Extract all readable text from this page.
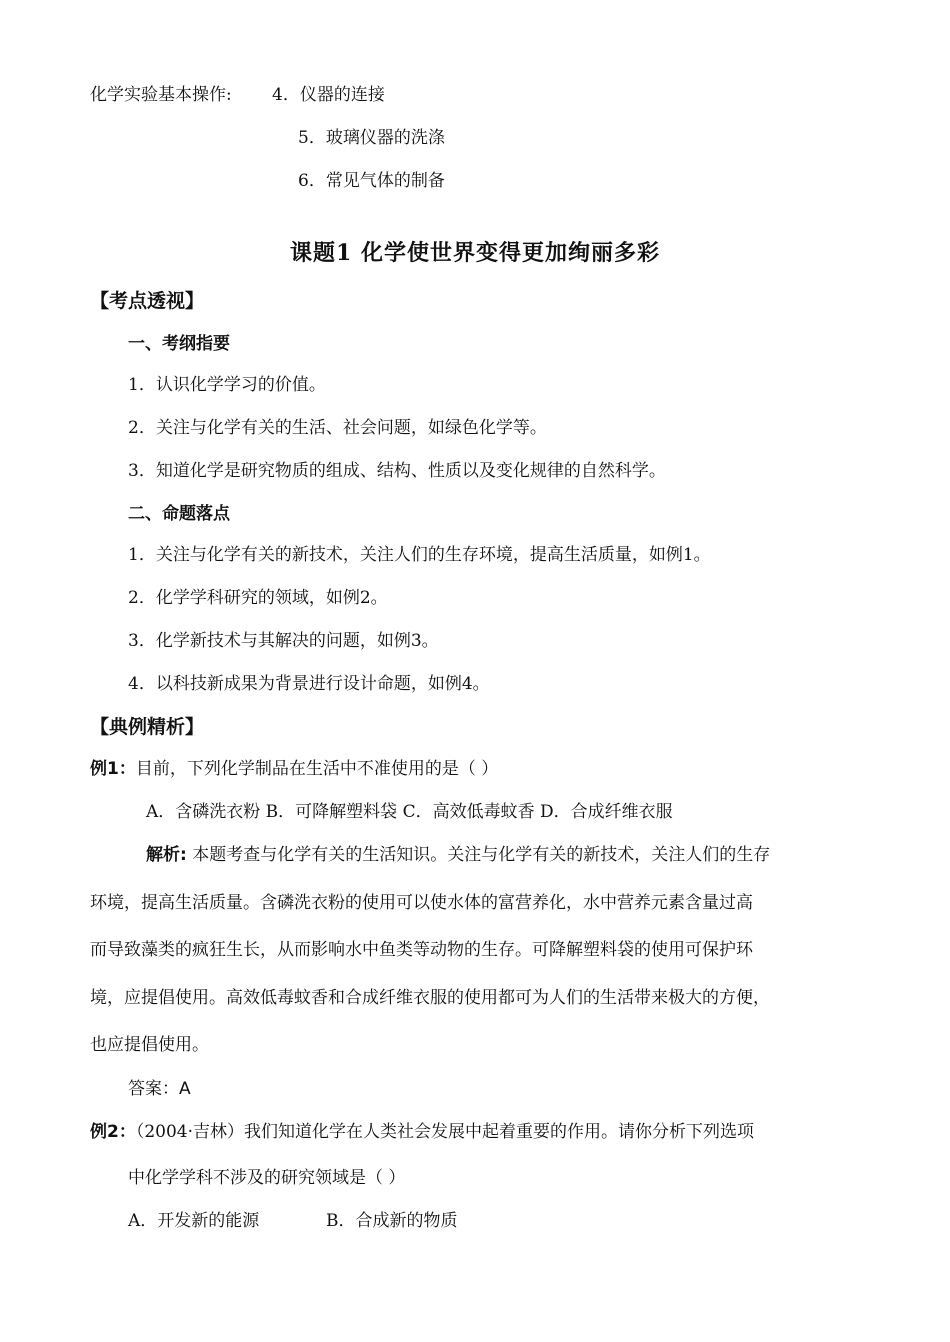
化学实验基本操作: 4．仪器的连接
5．玻璃仪器的洗涤
6．常见气体的制备
课题1 化学使世界变得更加绚丽多彩
【考点透视】
一、考纲指要
1．认识化学学习的价值。
2．关注与化学有关的生活、社会问题，如绿色化学等。
3．知道化学是研究物质的组成、结构、性质以及变化规律的自然科学。
二、命题落点
1．关注与化学有关的新技术，关注人们的生存环境，提高生活质量，如例1。
2．化学学科研究的领域，如例2。
3．化学新技术与其解决的问题，如例3。
4．以科技新成果为背景进行设计命题，如例4。
【典例精析】
例1：目前，下列化学制品在生活中不准使用的是（ ）
A．含磷洗衣粉 B．可降解塑料袋 C．高效低毒蚊香 D．合成纤维衣服
解析: 本题考查与化学有关的生活知识。关注与化学有关的新技术，关注人们的生存
环境，提高生活质量。含磷洗衣粉的使用可以使水体的富营养化，水中营养元素含量过高
而导致藻类的疯狂生长，从而影响水中鱼类等动物的生存。可降解塑料袋的使用可保护环
境，应提倡使用。高效低毒蚊香和合成纤维衣服的使用都可为人们的生活带来极大的方便，
也应提倡使用。
答案：A
例2：（2004·吉林）我们知道化学在人类社会发展中起着重要的作用。请你分析下列选项
中化学学科不涉及的研究领域是（ ）
A．开发新的能源	B．合成新的物质
